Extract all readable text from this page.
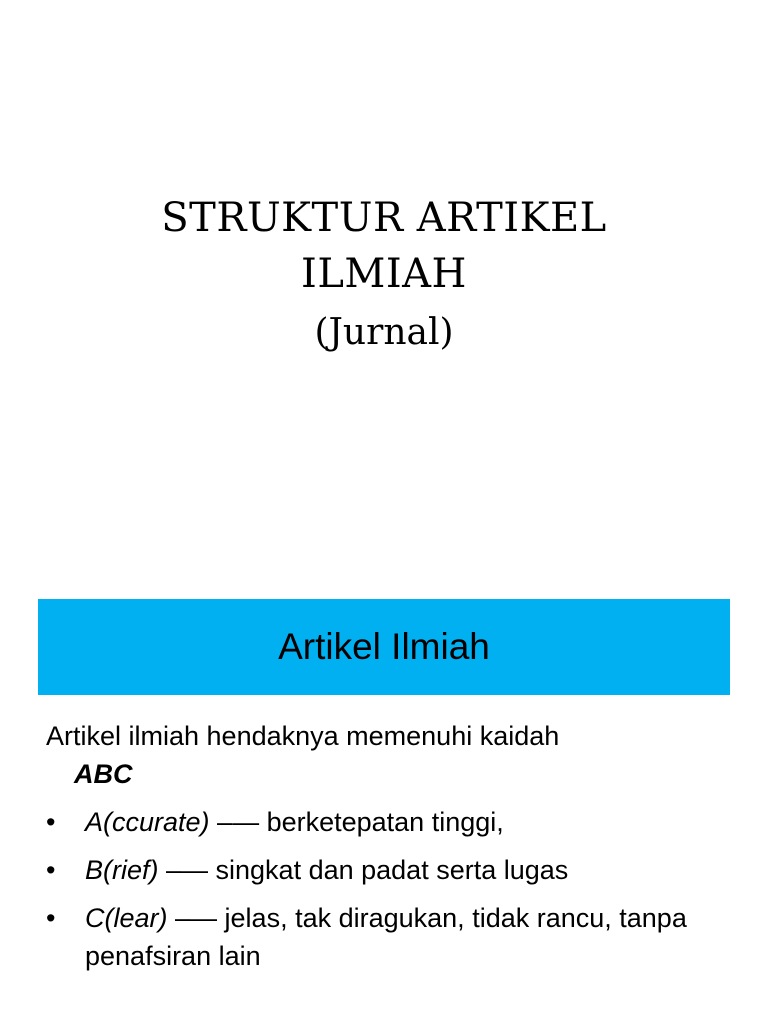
STRUKTUR ARTIKEL
ILMIAH
(Jurnal)
Artikel Ilmiah

Artikel ilmiah hendaknya memenuhi kaidah
ABC

• A(ccurate) –— berketepatan tinggi,
• B(rief) –— singkat dan padat serta lugas
• C(lear) –— jelas, tak diragukan, tidak rancu, tanpa penafsiran lain
